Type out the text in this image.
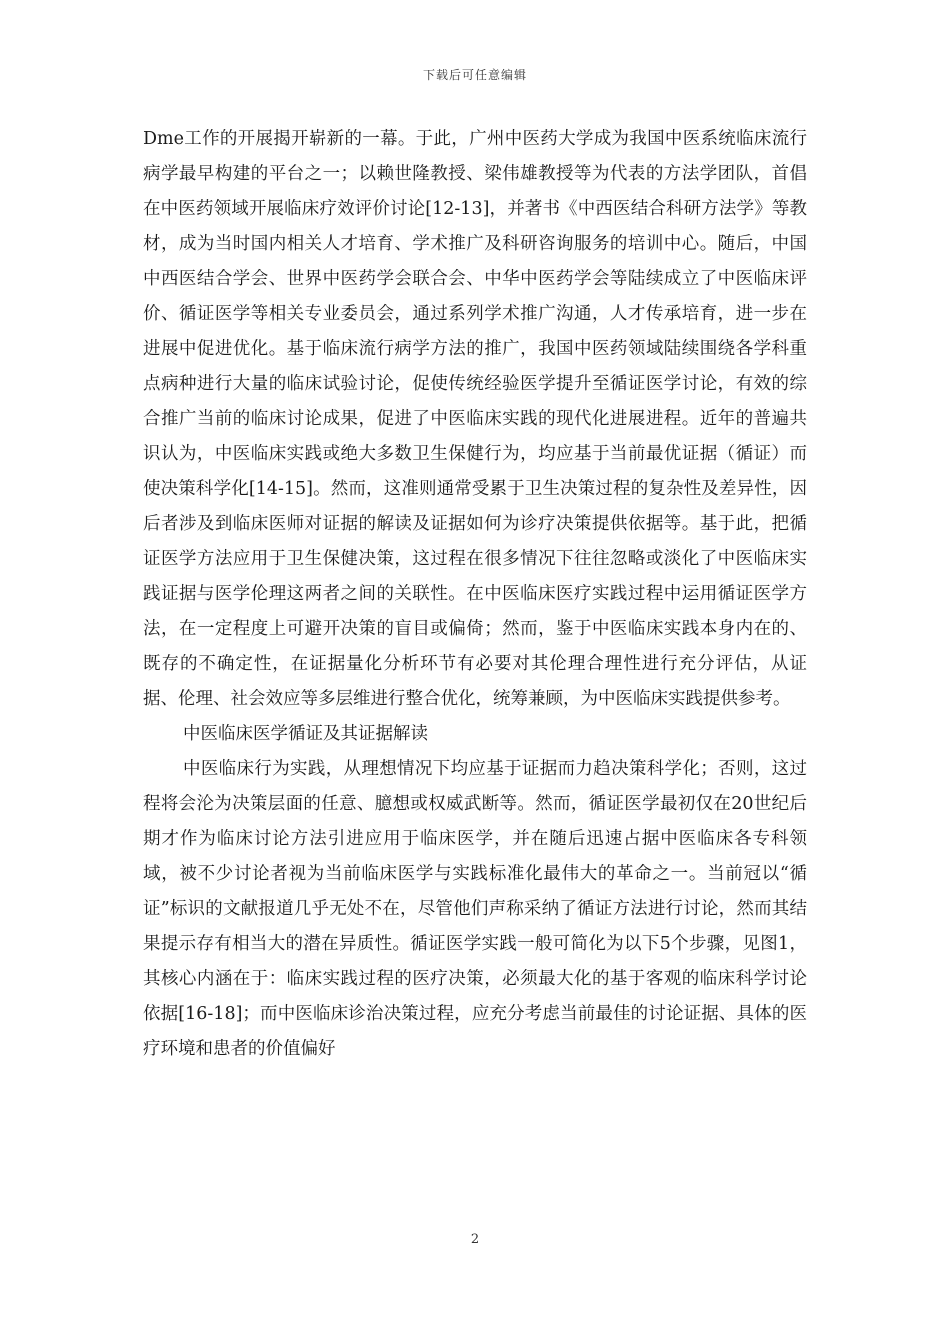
下载后可任意编辑

Dme工作的开展揭开崭新的一幕。于此，广州中医药大学成为我国中医系统临床流行病学最早构建的平台之一；以赖世隆教授、梁伟雄教授等为代表的方法学团队，首倡在中医药领域开展临床疗效评价讨论[12-13]，并著书《中西医结合科研方法学》等教材，成为当时国内相关人才培育、学术推广及科研咨询服务的培训中心。随后，中国中西医结合学会、世界中医药学会联合会、中华中医药学会等陆续成立了中医临床评价、循证医学等相关专业委员会，通过系列学术推广沟通，人才传承培育，进一步在进展中促进优化。基于临床流行病学方法的推广，我国中医药领域陆续围绕各学科重点病种进行大量的临床试验讨论，促使传统经验医学提升至循证医学讨论，有效的综合推广当前的临床讨论成果，促进了中医临床实践的现代化进展进程。近年的普遍共识认为，中医临床实践或绝大多数卫生保健行为，均应基于当前最优证据（循证）而使决策科学化[14-15]。然而，这准则通常受累于卫生决策过程的复杂性及差异性，因后者涉及到临床医师对证据的解读及证据如何为诊疗决策提供依据等。基于此，把循证医学方法应用于卫生保健决策，这过程在很多情况下往往忽略或淡化了中医临床实践证据与医学伦理这两者之间的关联性。在中医临床医疗实践过程中运用循证医学方法，在一定程度上可避开决策的盲目或偏倚；然而，鉴于中医临床实践本身内在的、既存的不确定性，在证据量化分析环节有必要对其伦理合理性进行充分评估，从证据、伦理、社会效应等多层维进行整合优化，统筹兼顾，为中医临床实践提供参考。

中医临床医学循证及其证据解读

中医临床行为实践，从理想情况下均应基于证据而力趋决策科学化；否则，这过程将会沦为决策层面的任意、臆想或权威武断等。然而，循证医学最初仅在20世纪后期才作为临床讨论方法引进应用于临床医学，并在随后迅速占据中医临床各专科领域，被不少讨论者视为当前临床医学与实践标准化最伟大的革命之一。当前冠以“循证”标识的文献报道几乎无处不在，尽管他们声称采纳了循证方法进行讨论，然而其结果提示存有相当大的潜在异质性。循证医学实践一般可简化为以下5个步骤，见图1，其核心内涵在于：临床实践过程的医疗决策，必须最大化的基于客观的临床科学讨论依据[16-18]；而中医临床诊治决策过程，应充分考虑当前最佳的讨论证据、具体的医疗环境和患者的价值偏好

2
